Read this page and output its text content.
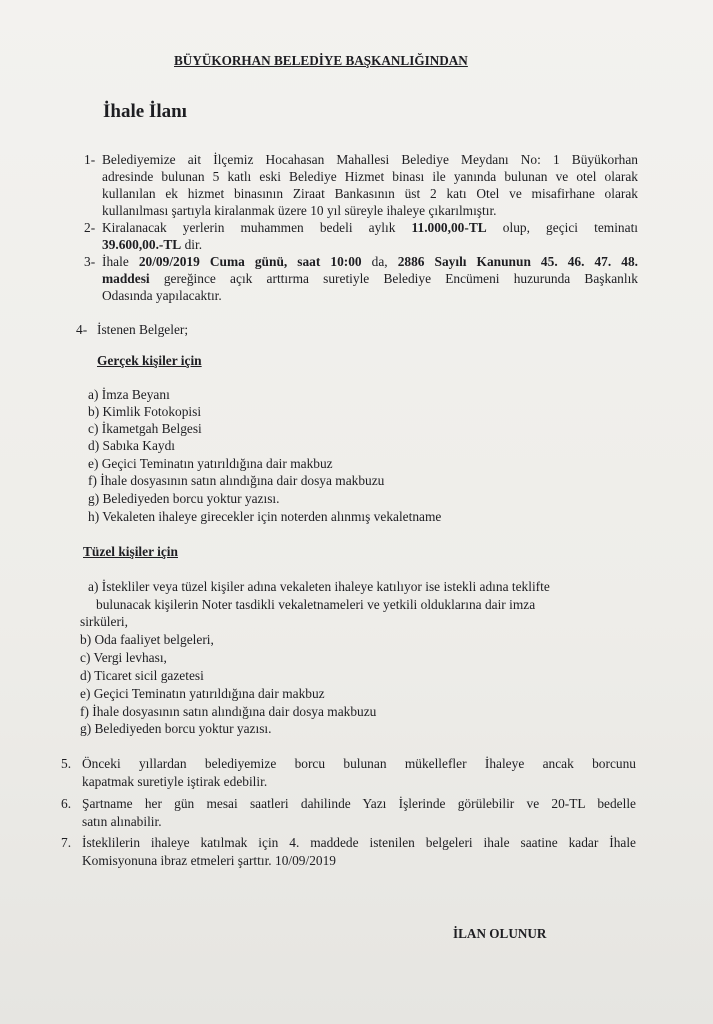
BÜYÜKORHAN BELEDİYE BAŞKANLIĞINDAN

İhale İlanı

1- Belediyemize ait İlçemiz Hocahasan Mahallesi Belediye Meydanı No: 1 Büyükorhan

adresinde bulunan 5 katlı eski Belediye Hizmet binası ile yanında bulunan ve otel olarak

kullanılan ek hizmet binasının Ziraat Bankasının üst 2 katı Otel ve misafirhane olarak

kullanılması şartıyla kiralanmak üzere 10 yıl süreyle ihaleye çıkarılmıştır.

2- Kiralanacak yerlerin muhammen bedeli aylık 11.000,00-TL olup, geçici teminatı

39.600,00.-TL dir.

3- İhale 20/09/2019 Cuma günü, saat 10:00 da, 2886 Sayılı Kanunun 45. 46. 47. 48.

maddesi gereğince açık arttırma suretiyle Belediye Encümeni huzurunda Başkanlık

Odasında yapılacaktır.

4- İstenen Belgeler;

Gerçek kişiler için

a) İmza Beyanı

b) Kimlik Fotokopisi

c) İkametgah Belgesi

d) Sabıka Kaydı

e) Geçici Teminatın yatırıldığına dair makbuz

f) İhale dosyasının satın alındığına dair dosya makbuzu

g) Belediyeden borcu yoktur yazısı.

h) Vekaleten ihaleye girecekler için noterden alınmış vekaletname

Tüzel kişiler için

a) İstekliler veya tüzel kişiler adına vekaleten ihaleye katılıyor ise istekli adına teklifte

bulunacak kişilerin Noter tasdikli vekaletnameleri ve yetkili olduklarına dair imza

sirküleri,

b) Oda faaliyet belgeleri,

c) Vergi levhası,

d) Ticaret sicil gazetesi

e) Geçici Teminatın yatırıldığına dair makbuz

f) İhale dosyasının satın alındığına dair dosya makbuzu

g) Belediyeden borcu yoktur yazısı.

5. Önceki yıllardan belediyemize borcu bulunan mükellefler İhaleye ancak borcunu

kapatmak suretiyle iştirak edebilir.

6. Şartname her gün mesai saatleri dahilinde Yazı İşlerinde görülebilir ve 20-TL bedelle

satın alınabilir.

7. İsteklilerin ihaleye katılmak için 4. maddede istenilen belgeleri ihale saatine kadar İhale

Komisyonuna ibraz etmeleri şarttır. 10/09/2019

İLAN OLUNUR
